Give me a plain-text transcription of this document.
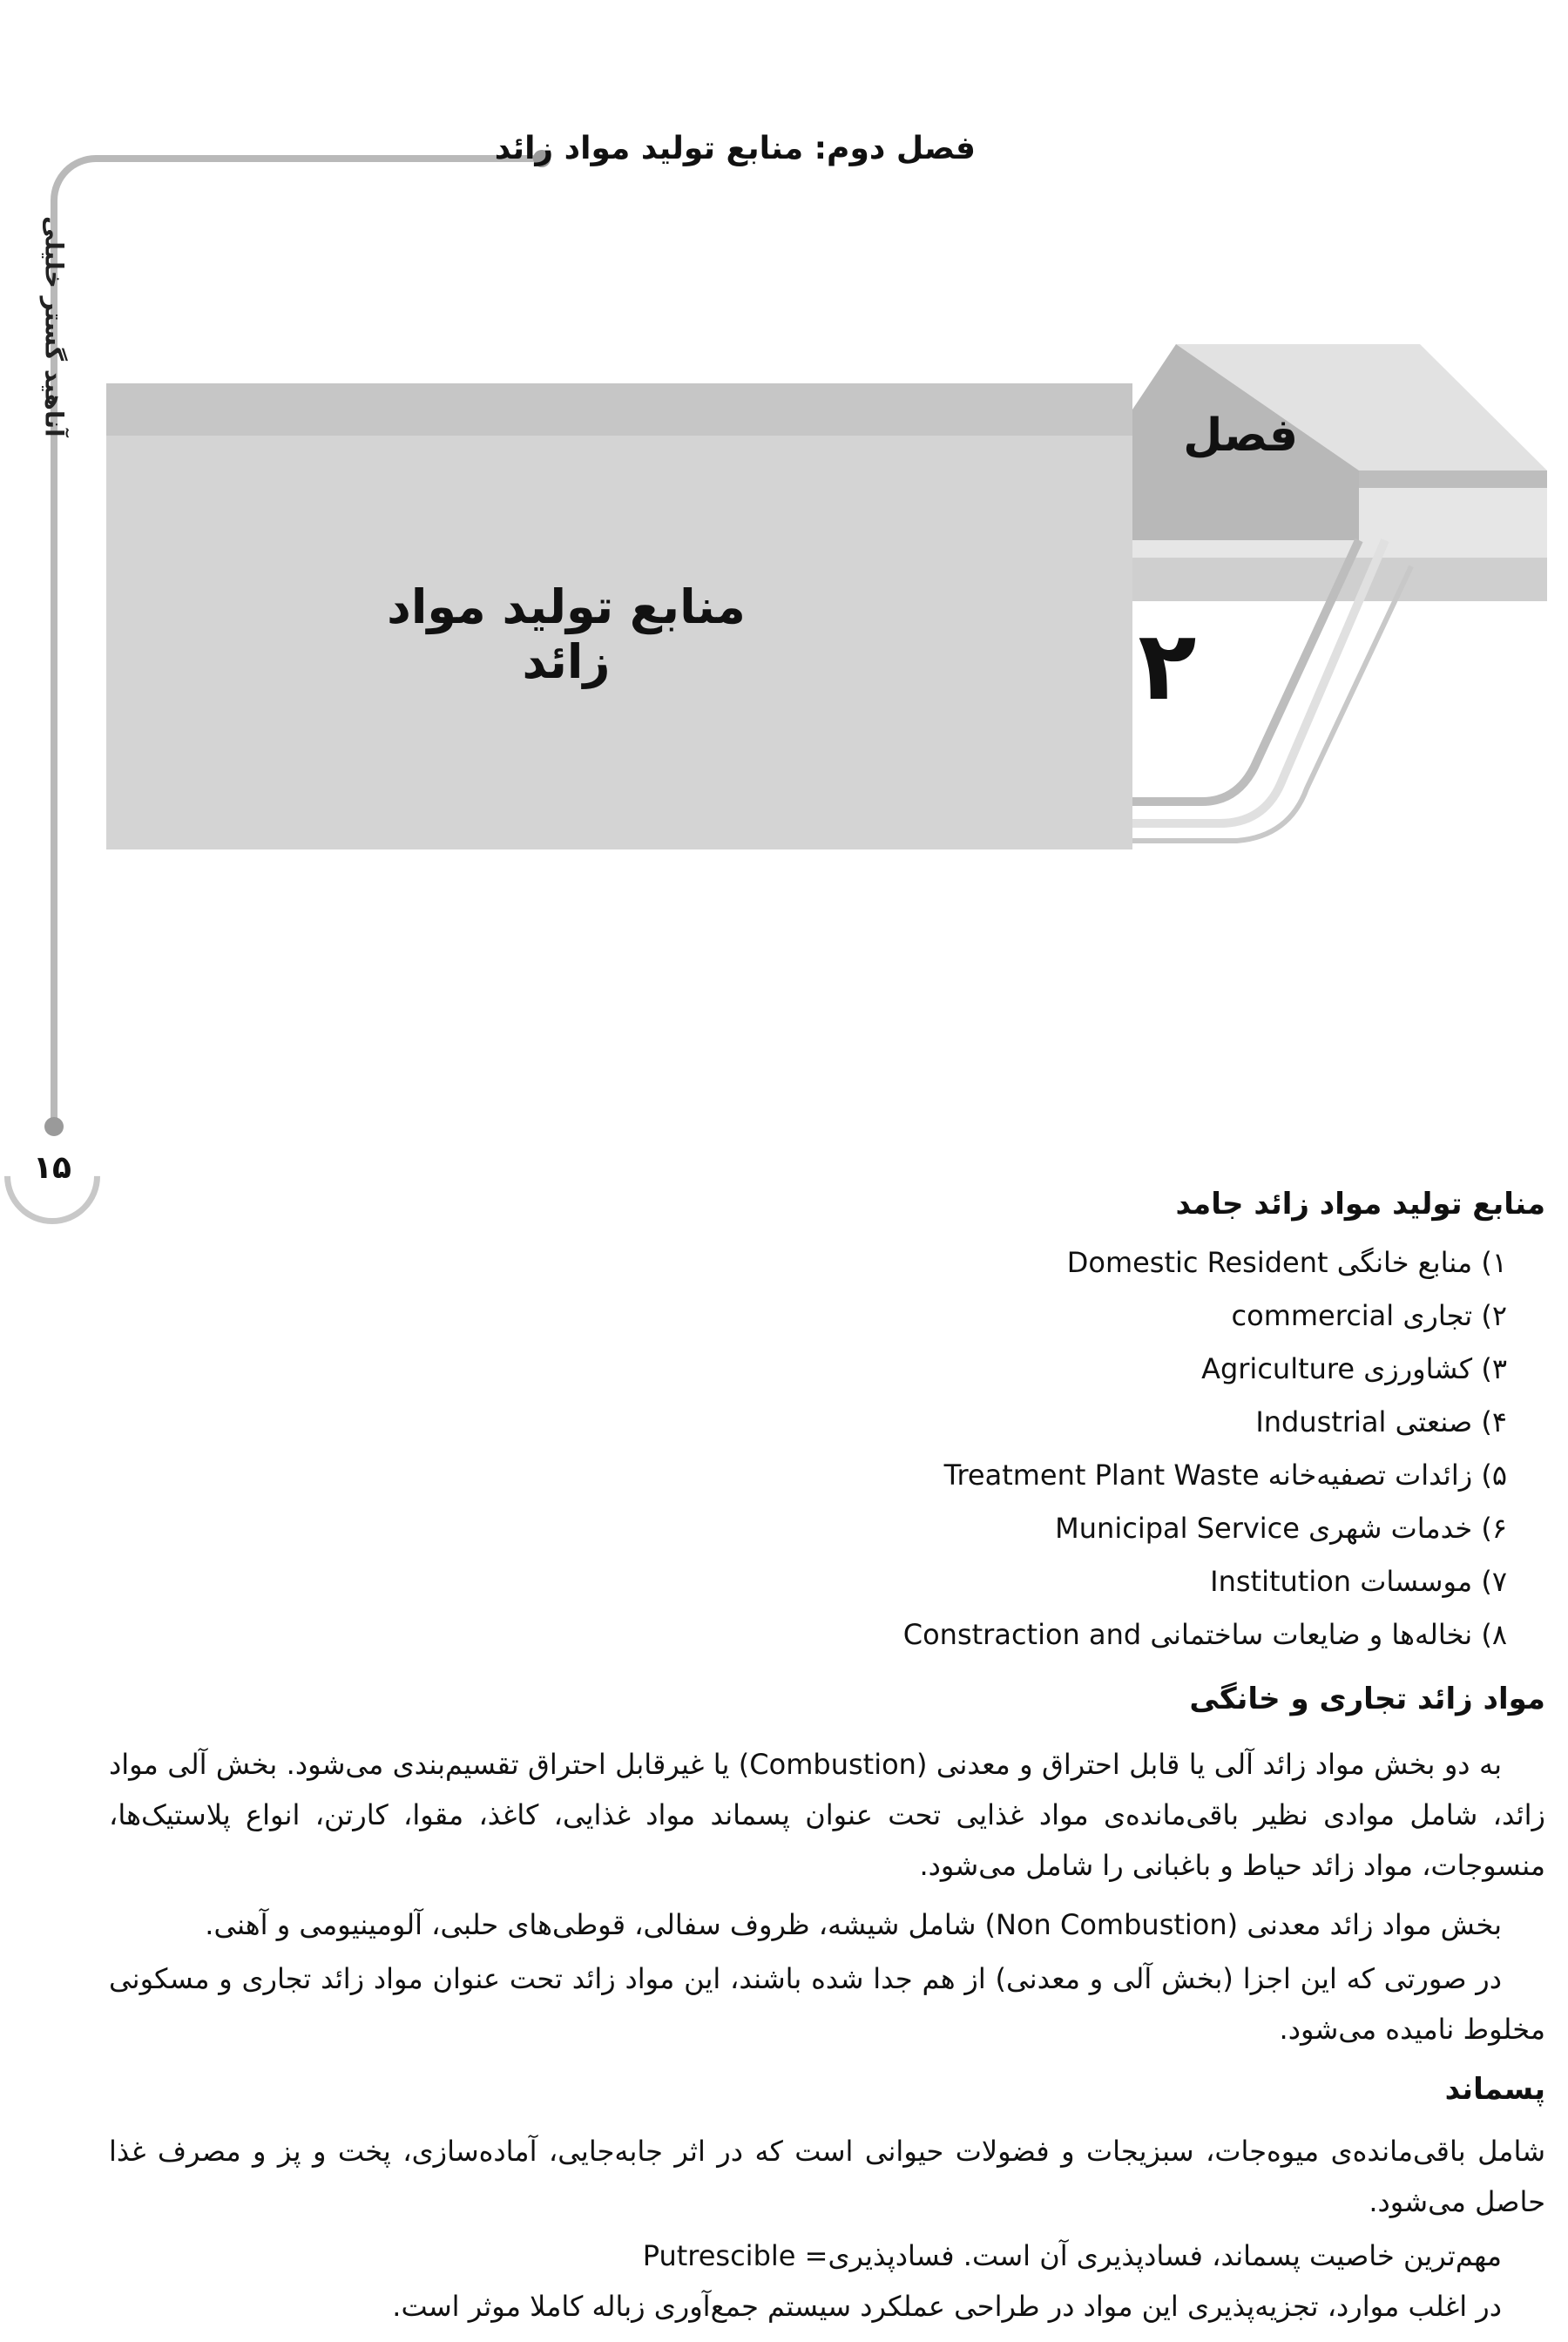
فصل دوم: منابع تولید مواد زائد
آناهید گستر خلیلی
۱۵
فصل
منابع تولید مواد زائد	۲
منابع تولید مواد زائد جامد
۱) منابع خانگی Domestic Resident
۲) تجاری commercial
۳) کشاورزی Agriculture
۴) صنعتی Industrial
۵) زائدات تصفیه‌خانه Treatment Plant Waste
۶) خدمات شهری Municipal Service
۷) موسسات Institution
۸) نخاله‌ها و ضایعات ساختمانی Constraction and
مواد زائد تجاری و خانگی
به دو بخش مواد زائد آلی یا قابل احتراق و معدنی (Combustion) یا غیرقابل احتراق تقسیم‌بندی می‌شود. بخش آلی مواد زائد، شامل موادی نظیر باقی‌مانده‌ی مواد غذایی تحت عنوان پسماند مواد غذایی، کاغذ، مقوا، کارتن، انواع پلاستیک‌ها، منسوجات، مواد زائد حیاط و باغبانی را شامل می‌شود.
بخش مواد زائد معدنی (Non Combustion) شامل شیشه، ظروف سفالی، قوطی‌های حلبی، آلومینیومی و آهنی.
در صورتی که این اجزا (بخش آلی و معدنی) از هم جدا شده باشند، این مواد زائد تحت عنوان مواد زائد تجاری و مسکونی مخلوط نامیده می‌شود.
پسماند
شامل باقی‌مانده‌ی میوه‌جات، سبزیجات و فضولات حیوانی است که در اثر جابه‌جایی، آماده‌سازی، پخت و پز و مصرف غذا حاصل می‌شود.
مهم‌ترین خاصیت پسماند، فسادپذیری آن است. فسادپذیری= Putrescible
در اغلب موارد، تجزیه‌پذیری این مواد در طراحی عملکرد سیستم جمع‌آوری زباله کاملا موثر است.
